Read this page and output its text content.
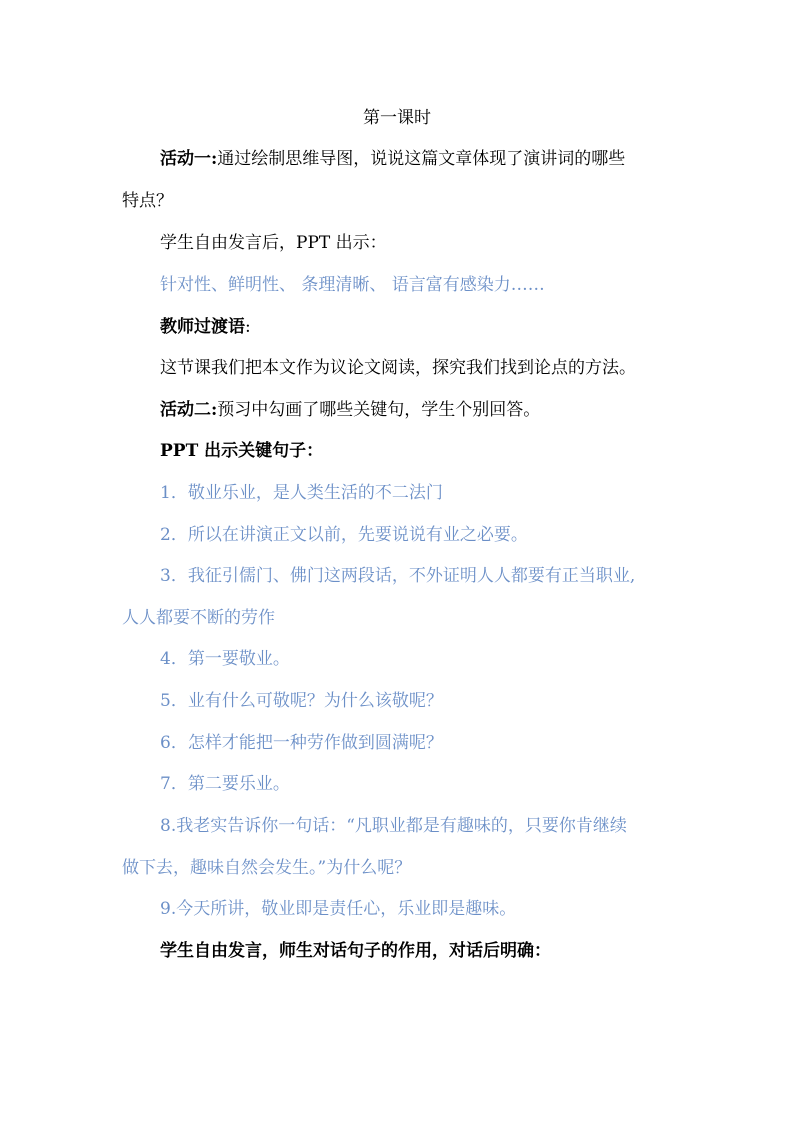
第一课时
活动一:通过绘制思维导图，说说这篇文章体现了演讲词的哪些
特点？
学生自由发言后，PPT 出示：
针对性、鲜明性、 条理清晰、 语言富有感染力……
教师过渡语:
这节课我们把本文作为议论文阅读，探究我们找到论点的方法。
活动二:预习中勾画了哪些关键句，学生个别回答。
PPT 出示关键句子：
1．敬业乐业，是人类生活的不二法门
2．所以在讲演正文以前，先要说说有业之必要。
3．我征引儒门、佛门这两段话，不外证明人人都要有正当职业,
人人都要不断的劳作
4．第一要敬业。
5．业有什么可敬呢？为什么该敬呢？
6．怎样才能把一种劳作做到圆满呢？
7．第二要乐业。
8.我老实告诉你一句话：“凡职业都是有趣味的，只要你肯继续
做下去，趣味自然会发生。”为什么呢？
9.今天所讲，敬业即是责任心，乐业即是趣味。
学生自由发言，师生对话句子的作用，对话后明确：
